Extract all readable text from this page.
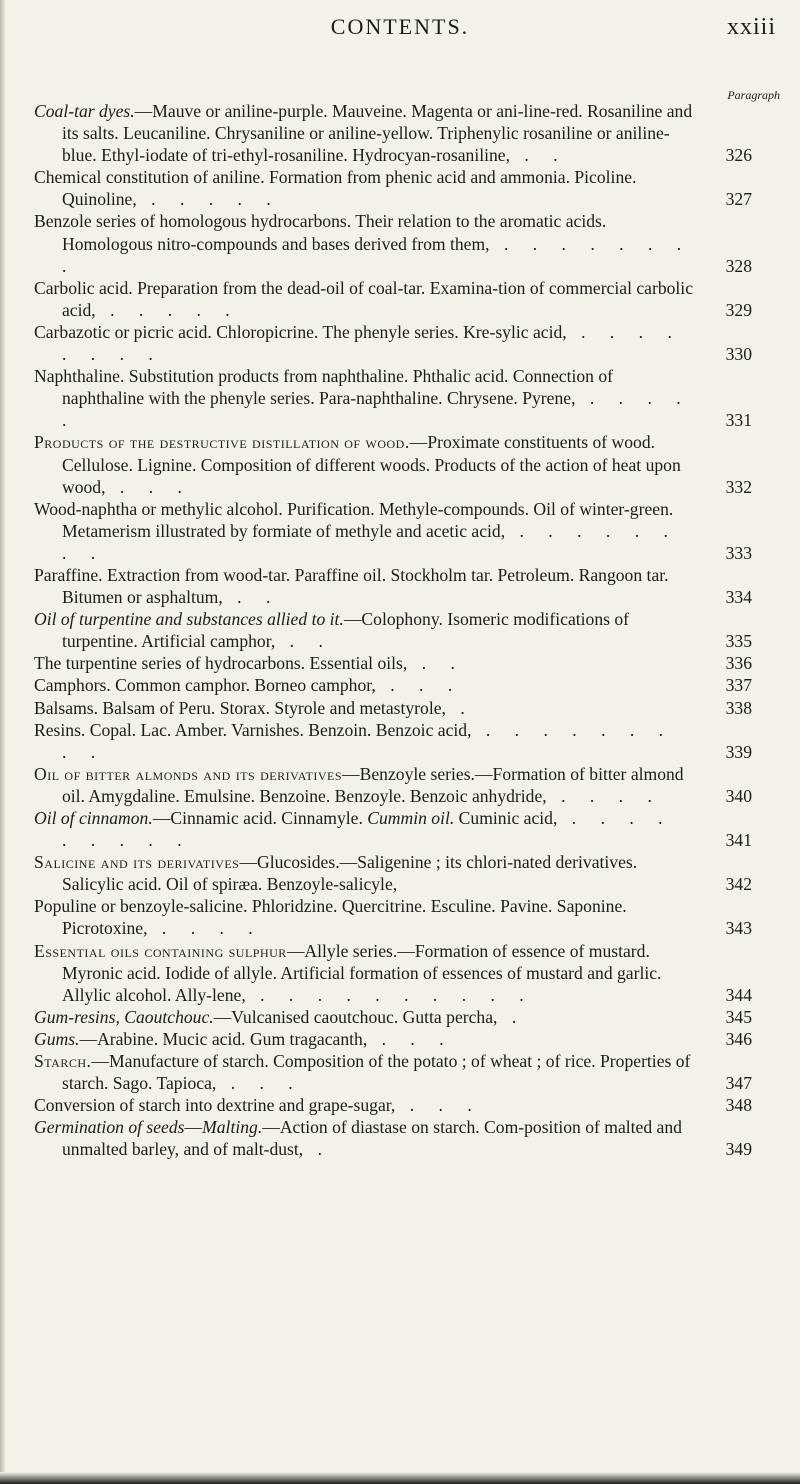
CONTENTS.	xxiii
Paragraph
Coal-tar dyes.—Mauve or aniline-purple. Mauveine. Magenta or ani-line-red. Rosaniline and its salts. Leucaniline. Chrysaniline or aniline-yellow. Triphenylic rosaniline or aniline-blue. Ethyl-iodate of tri-ethyl-rosaniline. Hydrocyan-rosaniline, . .	326
Chemical constitution of aniline. Formation from phenic acid and ammonia. Picoline. Quinoline, . . . . .	327
Benzole series of homologous hydrocarbons. Their relation to the aromatic acids. Homologous nitro-compounds and bases derived from them, . . . . . . . .	328
Carbolic acid. Preparation from the dead-oil of coal-tar. Examina-tion of commercial carbolic acid, . . . . .	329
Carbazotic or picric acid. Chloropicrine. The phenyle series. Kre-sylic acid, . . . . . . . .	330
Naphthaline. Substitution products from naphthaline. Phthalic acid. Connection of naphthaline with the phenyle series. Para-naphthaline. Chrysene. Pyrene, . . . . .	331
Products of the destructive distillation of wood.—Proximate constituents of wood. Cellulose. Lignine. Composition of different woods. Products of the action of heat upon wood, . . .	332
Wood-naphtha or methylic alcohol. Purification. Methyle-compounds. Oil of winter-green. Metamerism illustrated by formiate of methyle and acetic acid, . . . . . . . .	333
Paraffine. Extraction from wood-tar. Paraffine oil. Stockholm tar. Petroleum. Rangoon tar. Bitumen or asphaltum, . .	334
Oil of turpentine and substances allied to it.—Colophony. Isomeric modifications of turpentine. Artificial camphor, . .	335
The turpentine series of hydrocarbons. Essential oils, . .	336
Camphors. Common camphor. Borneo camphor, . . .	337
Balsams. Balsam of Peru. Storax. Styrole and metastyrole, .	338
Resins. Copal. Lac. Amber. Varnishes. Benzoin. Benzoic acid, . . . . . . . . .	339
Oil of bitter almonds and its derivatives—Benzoyle series.—Formation of bitter almond oil. Amygdaline. Emulsine. Benzoine. Benzoyle. Benzoic anhydride, . . . .	340
Oil of cinnamon.—Cinnamic acid. Cinnamyle. Cummin oil. Cuminic acid, . . . . . . . . .	341
Salicine and its derivatives—Glucosides.—Saligenine ; its chlori-nated derivatives. Salicylic acid. Oil of spiræa. Benzoyle-salicyle,	342
Populine or benzoyle-salicine. Phloridzine. Quercitrine. Esculine. Pavine. Saponine. Picrotoxine, . . . .	343
Essential oils containing sulphur—Allyle series.—Formation of essence of mustard. Myronic acid. Iodide of allyle. Artificial formation of essences of mustard and garlic. Allylic alcohol. Ally-lene, . . . . . . . . . .	344
Gum-resins, Caoutchouc.—Vulcanised caoutchouc. Gutta percha, .	345
Gums.—Arabine. Mucic acid. Gum tragacanth, . . .	346
Starch.—Manufacture of starch. Composition of the potato ; of wheat ; of rice. Properties of starch. Sago. Tapioca, . . .	347
Conversion of starch into dextrine and grape-sugar, . . .	348
Germination of seeds—Malting.—Action of diastase on starch. Com-position of malted and unmalted barley, and of malt-dust, .	349
